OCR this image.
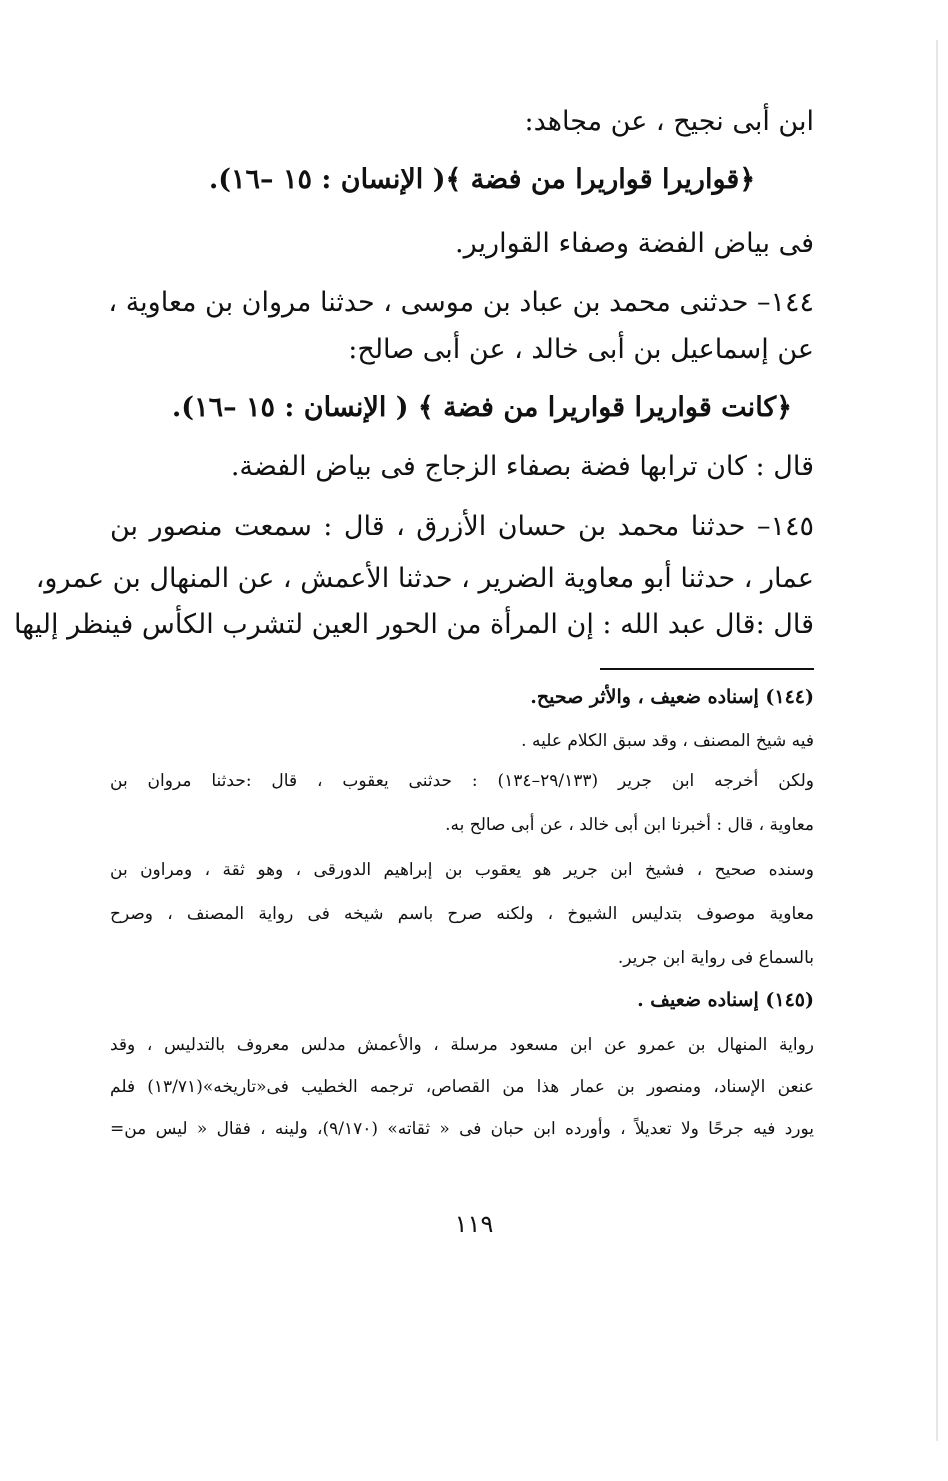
ابن أبى نجيح ، عن مجاهد:
﴿قواريرا قواريرا من فضة ﴾( الإنسان : ١٥ –١٦).
فى بياض الفضة وصفاء القوارير.
١٤٤– حدثنى محمد بن عباد بن موسى ، حدثنا مروان بن معاوية ،
عن إسماعيل بن أبى خالد ، عن أبى صالح:
﴿كانت قواريرا قواريرا من فضة ﴾ ( الإنسان : ١٥ –١٦).
قال : كان ترابها فضة بصفاء الزجاج فى بياض الفضة.
١٤٥– حدثنا محمد بن حسان الأزرق ، قال : سمعت منصور بن
عمار ، حدثنا أبو معاوية الضرير ، حدثنا الأعمش ، عن المنهال بن عمرو،
قال :قال عبد الله : إن المرأة من الحور العين لتشرب الكأس فينظر إليها
(١٤٤) إسناده ضعيف ، والأثر صحيح.
فيه شيخ المصنف ، وقد سبق الكلام عليه .
ولكن أخرجه ابن جرير (٢٩/١٣٣–١٣٤) : حدثنى يعقوب ، قال :حدثنا مروان بن
معاوية ، قال : أخبرنا ابن أبى خالد ، عن أبى صالح به.
وسنده صحيح ، فشيخ ابن جرير هو يعقوب بن إبراهيم الدورقى ، وهو ثقة ، ومراون بن
معاوية موصوف بتدليس الشيوخ ، ولكنه صرح باسم شيخه فى رواية المصنف ، وصرح
بالسماع فى رواية ابن جرير.
(١٤٥) إسناده ضعيف .
رواية المنهال بن عمرو عن ابن مسعود مرسلة ، والأعمش مدلس معروف بالتدليس ، وقد
عنعن الإسناد، ومنصور بن عمار هذا من القصاص، ترجمه الخطيب فى«تاريخه»(١٣/٧١) فلم
يورد فيه جرحًا ولا تعديلاً ، وأورده ابن حبان فى « ثقاته» (٩/١٧٠)، ولينه ، فقال « ليس من=
١١٩
